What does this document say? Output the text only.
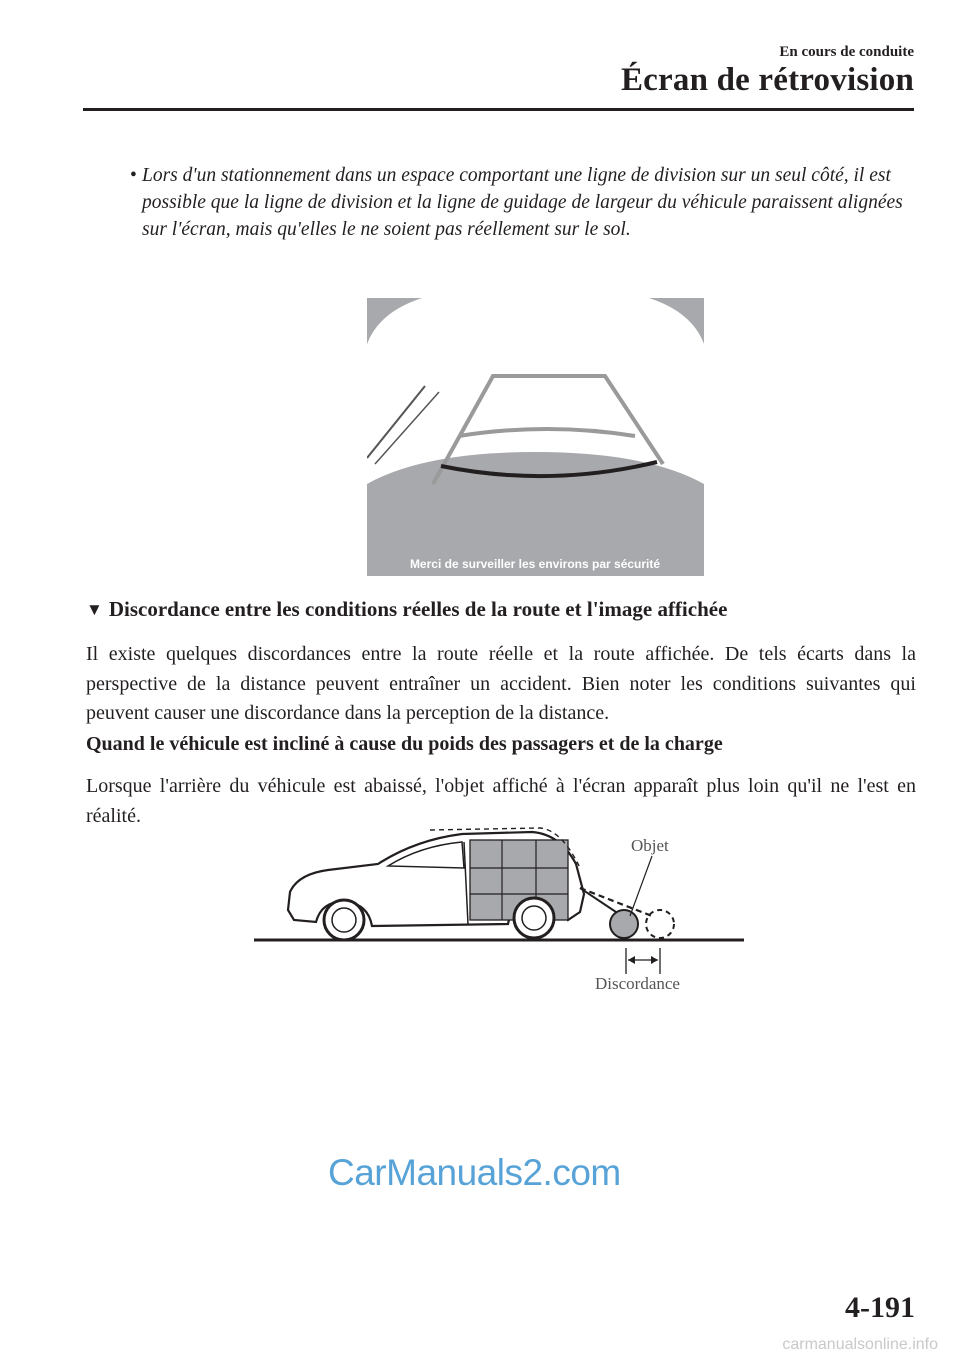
En cours de conduite
Écran de rétrovision
• Lors d'un stationnement dans un espace comportant une ligne de division sur un seul côté, il est possible que la ligne de division et la ligne de guidage de largeur du véhicule paraissent alignées sur l'écran, mais qu'elles le ne soient pas réellement sur le sol.
Merci de surveiller les environs par sécurité
▼ Discordance entre les conditions réelles de la route et l'image affichée
Il existe quelques discordances entre la route réelle et la route affichée. De tels écarts dans la perspective de la distance peuvent entraîner un accident. Bien noter les conditions suivantes qui peuvent causer une discordance dans la perception de la distance.
Quand le véhicule est incliné à cause du poids des passagers et de la charge
Lorsque l'arrière du véhicule est abaissé, l'objet affiché à l'écran apparaît plus loin qu'il ne l'est en réalité.
Objet
Discordance
CarManuals2.com
4-191
carmanualsonline.info
